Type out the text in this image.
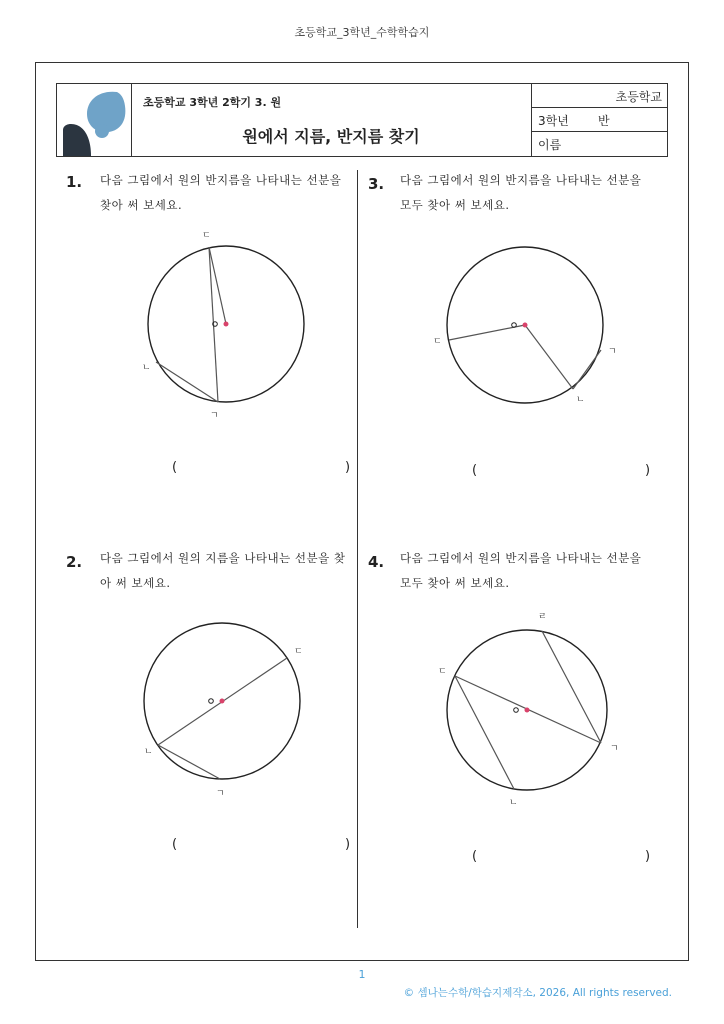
초등학교_3학년_수학학습지
초등학교 3학년 2학기 3. 원
원에서 지름, 반지름 찾기
초등학교
3학년 반
이름
1. 다음 그림에서 원의 반지름을 나타내는 선분을
찾아 써 보세요.
ㄷ
ㄴ
ㄱ
(	)
2. 다음 그림에서 원의 지름을 나타내는 선분을 찾
아 써 보세요.
ㄷ
ㄴ
ㄱ
(	)
3. 다음 그림에서 원의 반지름을 나타내는 선분을
모두 찾아 써 보세요.
ㄷ
ㄱ
ㄴ
(	)
4. 다음 그림에서 원의 반지름을 나타내는 선분을
모두 찾아 써 보세요.
ㄹ
ㄷ
ㄱ
ㄴ
(	)
1
© 셈나는수학/학습지제작소, 2026, All rights reserved.
